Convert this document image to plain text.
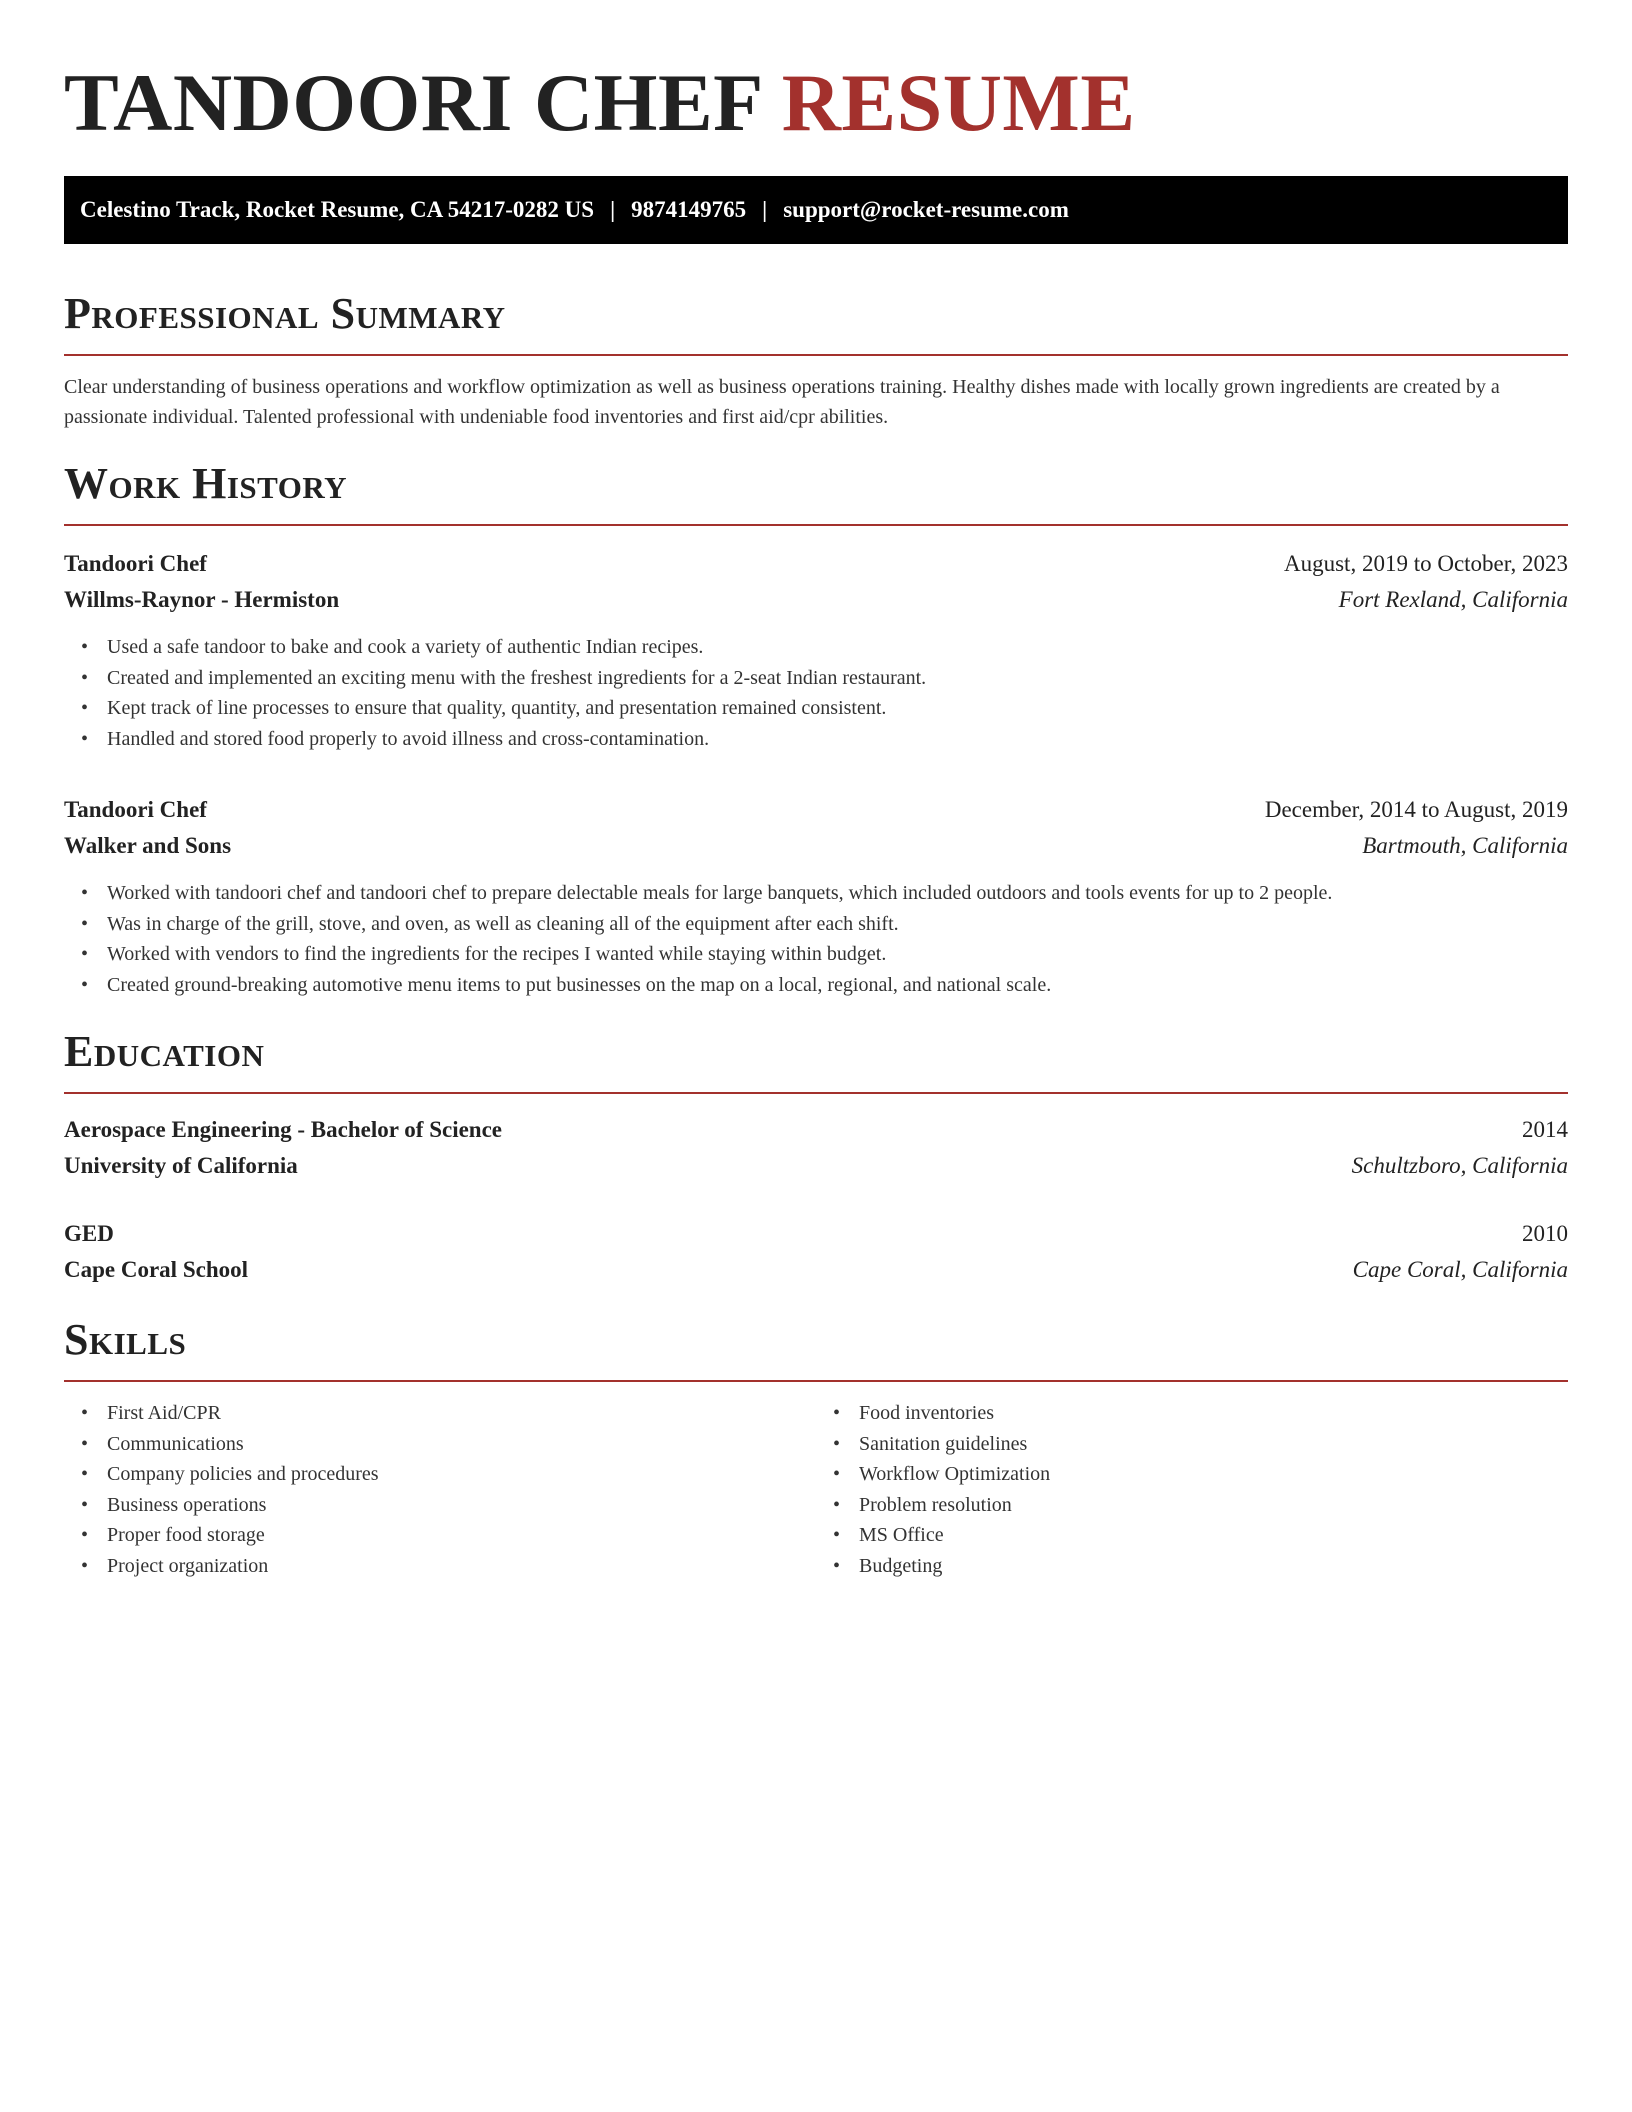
TANDOORI CHEF RESUME
Celestino Track, Rocket Resume, CA 54217-0282 US | 9874149765 | support@rocket-resume.com
Professional Summary

Clear understanding of business operations and workflow optimization as well as business operations training. Healthy dishes made with locally grown ingredients are created by a passionate individual. Talented professional with undeniable food inventories and first aid/cpr abilities.

Work History
Tandoori Chef	August, 2019 to October, 2023
Willms-Raynor - Hermiston	Fort Rexland, California
• Used a safe tandoor to bake and cook a variety of authentic Indian recipes.
• Created and implemented an exciting menu with the freshest ingredients for a 2-seat Indian restaurant.
• Kept track of line processes to ensure that quality, quantity, and presentation remained consistent.
• Handled and stored food properly to avoid illness and cross-contamination.
Tandoori Chef	December, 2014 to August, 2019
Walker and Sons	Bartmouth, California
• Worked with tandoori chef and tandoori chef to prepare delectable meals for large banquets, which included outdoors and tools events for up to 2 people.
• Was in charge of the grill, stove, and oven, as well as cleaning all of the equipment after each shift.
• Worked with vendors to find the ingredients for the recipes I wanted while staying within budget.
• Created ground-breaking automotive menu items to put businesses on the map on a local, regional, and national scale.
Education
Aerospace Engineering - Bachelor of Science	2014
University of California	Schultzboro, California
GED	2010
Cape Coral School	Cape Coral, California
Skills
• First Aid/CPR
• Communications
• Company policies and procedures
• Business operations
• Proper food storage
• Project organization
• Food inventories
• Sanitation guidelines
• Workflow Optimization
• Problem resolution
• MS Office
• Budgeting
